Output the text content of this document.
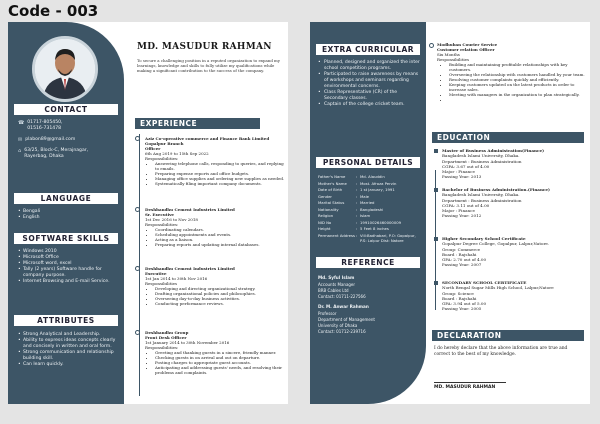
Code - 003
CONTACT
☎ 01717-805450,
01516-731478
✉ plabon89@gmail.com
⌂ 63/25, Block-C, Merajnagar,
Rayerbag, Dhaka
LANGUAGE
• Bengali
• English
SOFTWARE SKILLS
• Windows 2010
• Microsoft Office
• Microsoft word, excel
• Tally (2 years) Software handle for company purpose.
• Internet Browsing and E-mail Service.
ATTRIBUTES
• Strong Analytical and Leadership.
• Ability to express ideas concepts clearly and concisely in written and oral form.
• Strong communication and relationship building skill.
• Can learn quickly.
MD. MASUDUR RAHMAN
To secure a challenging position in a reputed organization to expand my learnings, knowledge and skills to fully utilize my qualifications while making a significant contribution to the success of the company.
EXPERIENCE
Aziz Co-operative commerce and Finance Bank Limited Gopalpur Branch
Officer
6th Aug 2019 to 15th Sep 2022
Responsibilities:
• Answering telephone calls, responding to queries, and replying to emails.
• Preparing expense reports and office budgets.
• Managing office supplies and ordering new supplies as needed.
• Systematically filing important company documents.
Deshbandhu Cement Industries Limited
Sr. Executive
1st Dec 2016 to Nov 2018
Responsibilities:
• Coordinating calendars.
• Scheduling appointments and events.
• Acting as a liaison.
• Preparing reports and updating internal databases.
Deshbandhu Cement Industries Limited
Executive
1st Jan 2014 to 30th Nov 2016
Responsibilities
• Developing and directing organizational strategy.
• Drafting organizational policies and philosophies.
• Overseeing day-to-day business activities.
• Conducting performance reviews.
Deshbandhu Group
Front Desk Officer
1st January 2014 to 30th November 2016
Responsibilities:
• Greeting and thanking guests in a sincere, friendly manner.
• Checking guests in on arrival and out on departure.
• Posting charges to appropriate guest accounts.
• Anticipating and addressing guests' needs, and resolving their problems and complaints.
EXTRA CURRICULAR
• Planned, designed and organized the inter school competition programs.
• Participated to raise awareness by means of workshops and seminars regarding environmental concerns.
• Class Representative (CR) of the Secondary classes.
• Captain of the college cricket team.
PERSONAL DETAILS
Father's Name	: Md. Alauddin
Mother's Name	: Most. Afroza Pervin
Date of Birth	: 1 st January, 1991
Gender	: Male
Marital Status	: Married
Nationality	: Bangladeshi
Religion	: Islam
NID No	: 19910026460000009
Height	: 5 Feet 8 inches
Permanent Address : Vill:Badhabari, P.O: Gopalpur, P.S: Lalpur Dist: Natore
REFERENCE
Md. Syful Islam

Accounts Manager

BRB Cables Ltd

Contact: 01711-227566

Dr. M. Anwar Rahman

Professor

Department of Management

University of Dhaka

Contact: 01712-239716

Modhuban Courier Service
Customer relation Officer
Six Months
Responsibilities
• Building and maintaining profitable relationships with key customers.
• Overseeing the relationship with customers handled by your team.
• Resolving customer complaints quickly and efficiently.
• Keeping customers updated on the latest products in order to increase sales.
• Meeting with managers in the organization to plan strategically.
•
EDUCATION
Master of Business Administration(Finance)
Bangladesh Islami University, Dhaka.
Department : Business Administration
CGPA: 3.67 out of 4.00
Major : Finance
Passing Year: 2013
Bachelor of Business Administration.(Finance)
Bangladesh Islami University, Dhaka.
Department : Business Administration
CGPA: 3.11 out of 4.00
Major : Finance
Passing Year: 2012
Higher Secondary School Certificate
Gopalpur Degree College, Gopalpur, Lalpur,Natore.
Group: Commerce
Board : Rajshahi
GPA: 2.70 out of 4.00
Passing Year: 2007
SECONDARY SCHOOL CERTIFICATE
North Bengal Sugar Mills High School, Lalpur,Natore
Group: Science
Board : Rajshahi
GPA: 3.94 out of 5.00
Passing Year: 2005
DECLARATION
I do hereby declare that the above information are true and correct to the best of my knowledge.
MD. MASUDUR RAHMAN
